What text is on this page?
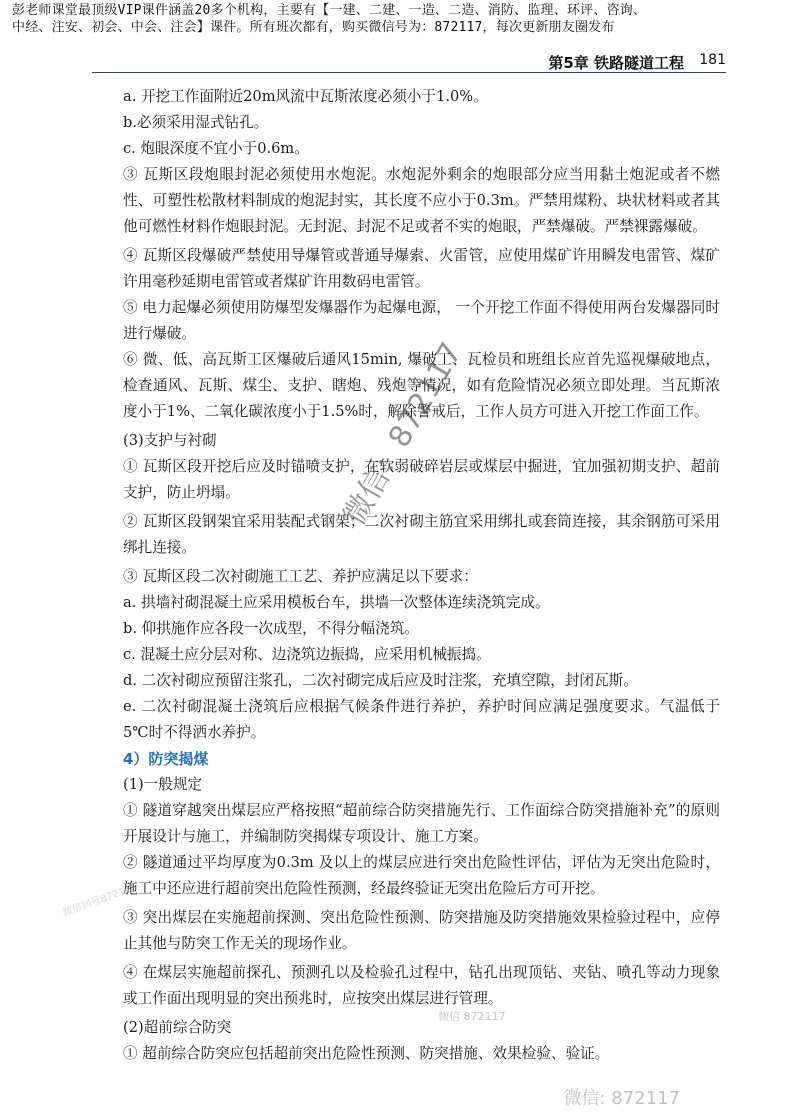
彭老师课堂最顶级VIP课件涵盖20多个机构，主要有【一建、二建、一造、二造、消防、监理、环评、咨询、
中经、注安、初会、中会、注会】课件。所有班次都有，购买微信号为：872117，每次更新朋友圈发布
第5章 铁路隧道工程 181

a. 开挖工作面附近20m风流中瓦斯浓度必须小于1.0%。

b.必须采用湿式钻孔。

c. 炮眼深度不宜小于0.6m。

③ 瓦斯区段炮眼封泥必须使用水炮泥。水炮泥外剩余的炮眼部分应当用黏土炮泥或者不燃性、可塑性松散材料制成的炮泥封实，其长度不应小于0.3m。严禁用煤粉、块状材料或者其他可燃性材料作炮眼封泥。无封泥、封泥不足或者不实的炮眼，严禁爆破。严禁裸露爆破。

④ 瓦斯区段爆破严禁使用导爆管或普通导爆索、火雷管，应使用煤矿许用瞬发电雷管、煤矿许用毫秒延期电雷管或者煤矿许用数码电雷管。

⑤ 电力起爆必须使用防爆型发爆器作为起爆电源， 一个开挖工作面不得使用两台发爆器同时进行爆破。

⑥ 微、低、高瓦斯工区爆破后通风15min, 爆破工、瓦检员和班组长应首先巡视爆破地点，检查通风、瓦斯、煤尘、支护、瞎炮、残炮等情况，如有危险情况必须立即处理。当瓦斯浓度小于1%、二氧化碳浓度小于1.5%时，解除警戒后，工作人员方可进入开挖工作面工作。

(3)支护与衬砌

① 瓦斯区段开挖后应及时锚喷支护，在软弱破碎岩层或煤层中掘进，宜加强初期支护、超前支护，防止坍塌。

② 瓦斯区段钢架宜采用装配式钢架；二次衬砌主筋宜采用绑扎或套筒连接，其余钢筋可采用绑扎连接。

③ 瓦斯区段二次衬砌施工工艺、养护应满足以下要求：

a. 拱墙衬砌混凝土应采用模板台车，拱墙一次整体连续浇筑完成。

b. 仰拱施作应各段一次成型，不得分幅浇筑。

c. 混凝土应分层对称、边浇筑边振捣，应采用机械振捣。

d. 二次衬砌应预留注浆孔，二次衬砌完成后应及时注浆，充填空隙，封闭瓦斯。

e. 二次衬砌混凝土浇筑后应根据气候条件进行养护，养护时间应满足强度要求。气温低于5℃时不得洒水养护。

4）防突揭煤

(1)一般规定

① 隧道穿越突出煤层应严格按照“超前综合防突措施先行、工作面综合防突措施补充”的原则开展设计与施工，并编制防突揭煤专项设计、施工方案。

② 隧道通过平均厚度为0.3m 及以上的煤层应进行突出危险性评估，评估为无突出危险时，施工中还应进行超前突出危险性预测，经最终验证无突出危险后方可开挖。

③ 突出煤层在实施超前探测、突出危险性预测、防突措施及防突措施效果检验过程中，应停止其他与防突工作无关的现场作业。

④ 在煤层实施超前探孔、预测孔以及检验孔过程中，钻孔出现顶钻、夹钻、喷孔等动力现象或工作面出现明显的突出预兆时，应按突出煤层进行管理。

(2)超前综合防突

① 超前综合防突应包括超前突出危险性预测、防突措施、效果检验、验证。

微信：872117
微信同号872117
微信 872117
微信: 872117
